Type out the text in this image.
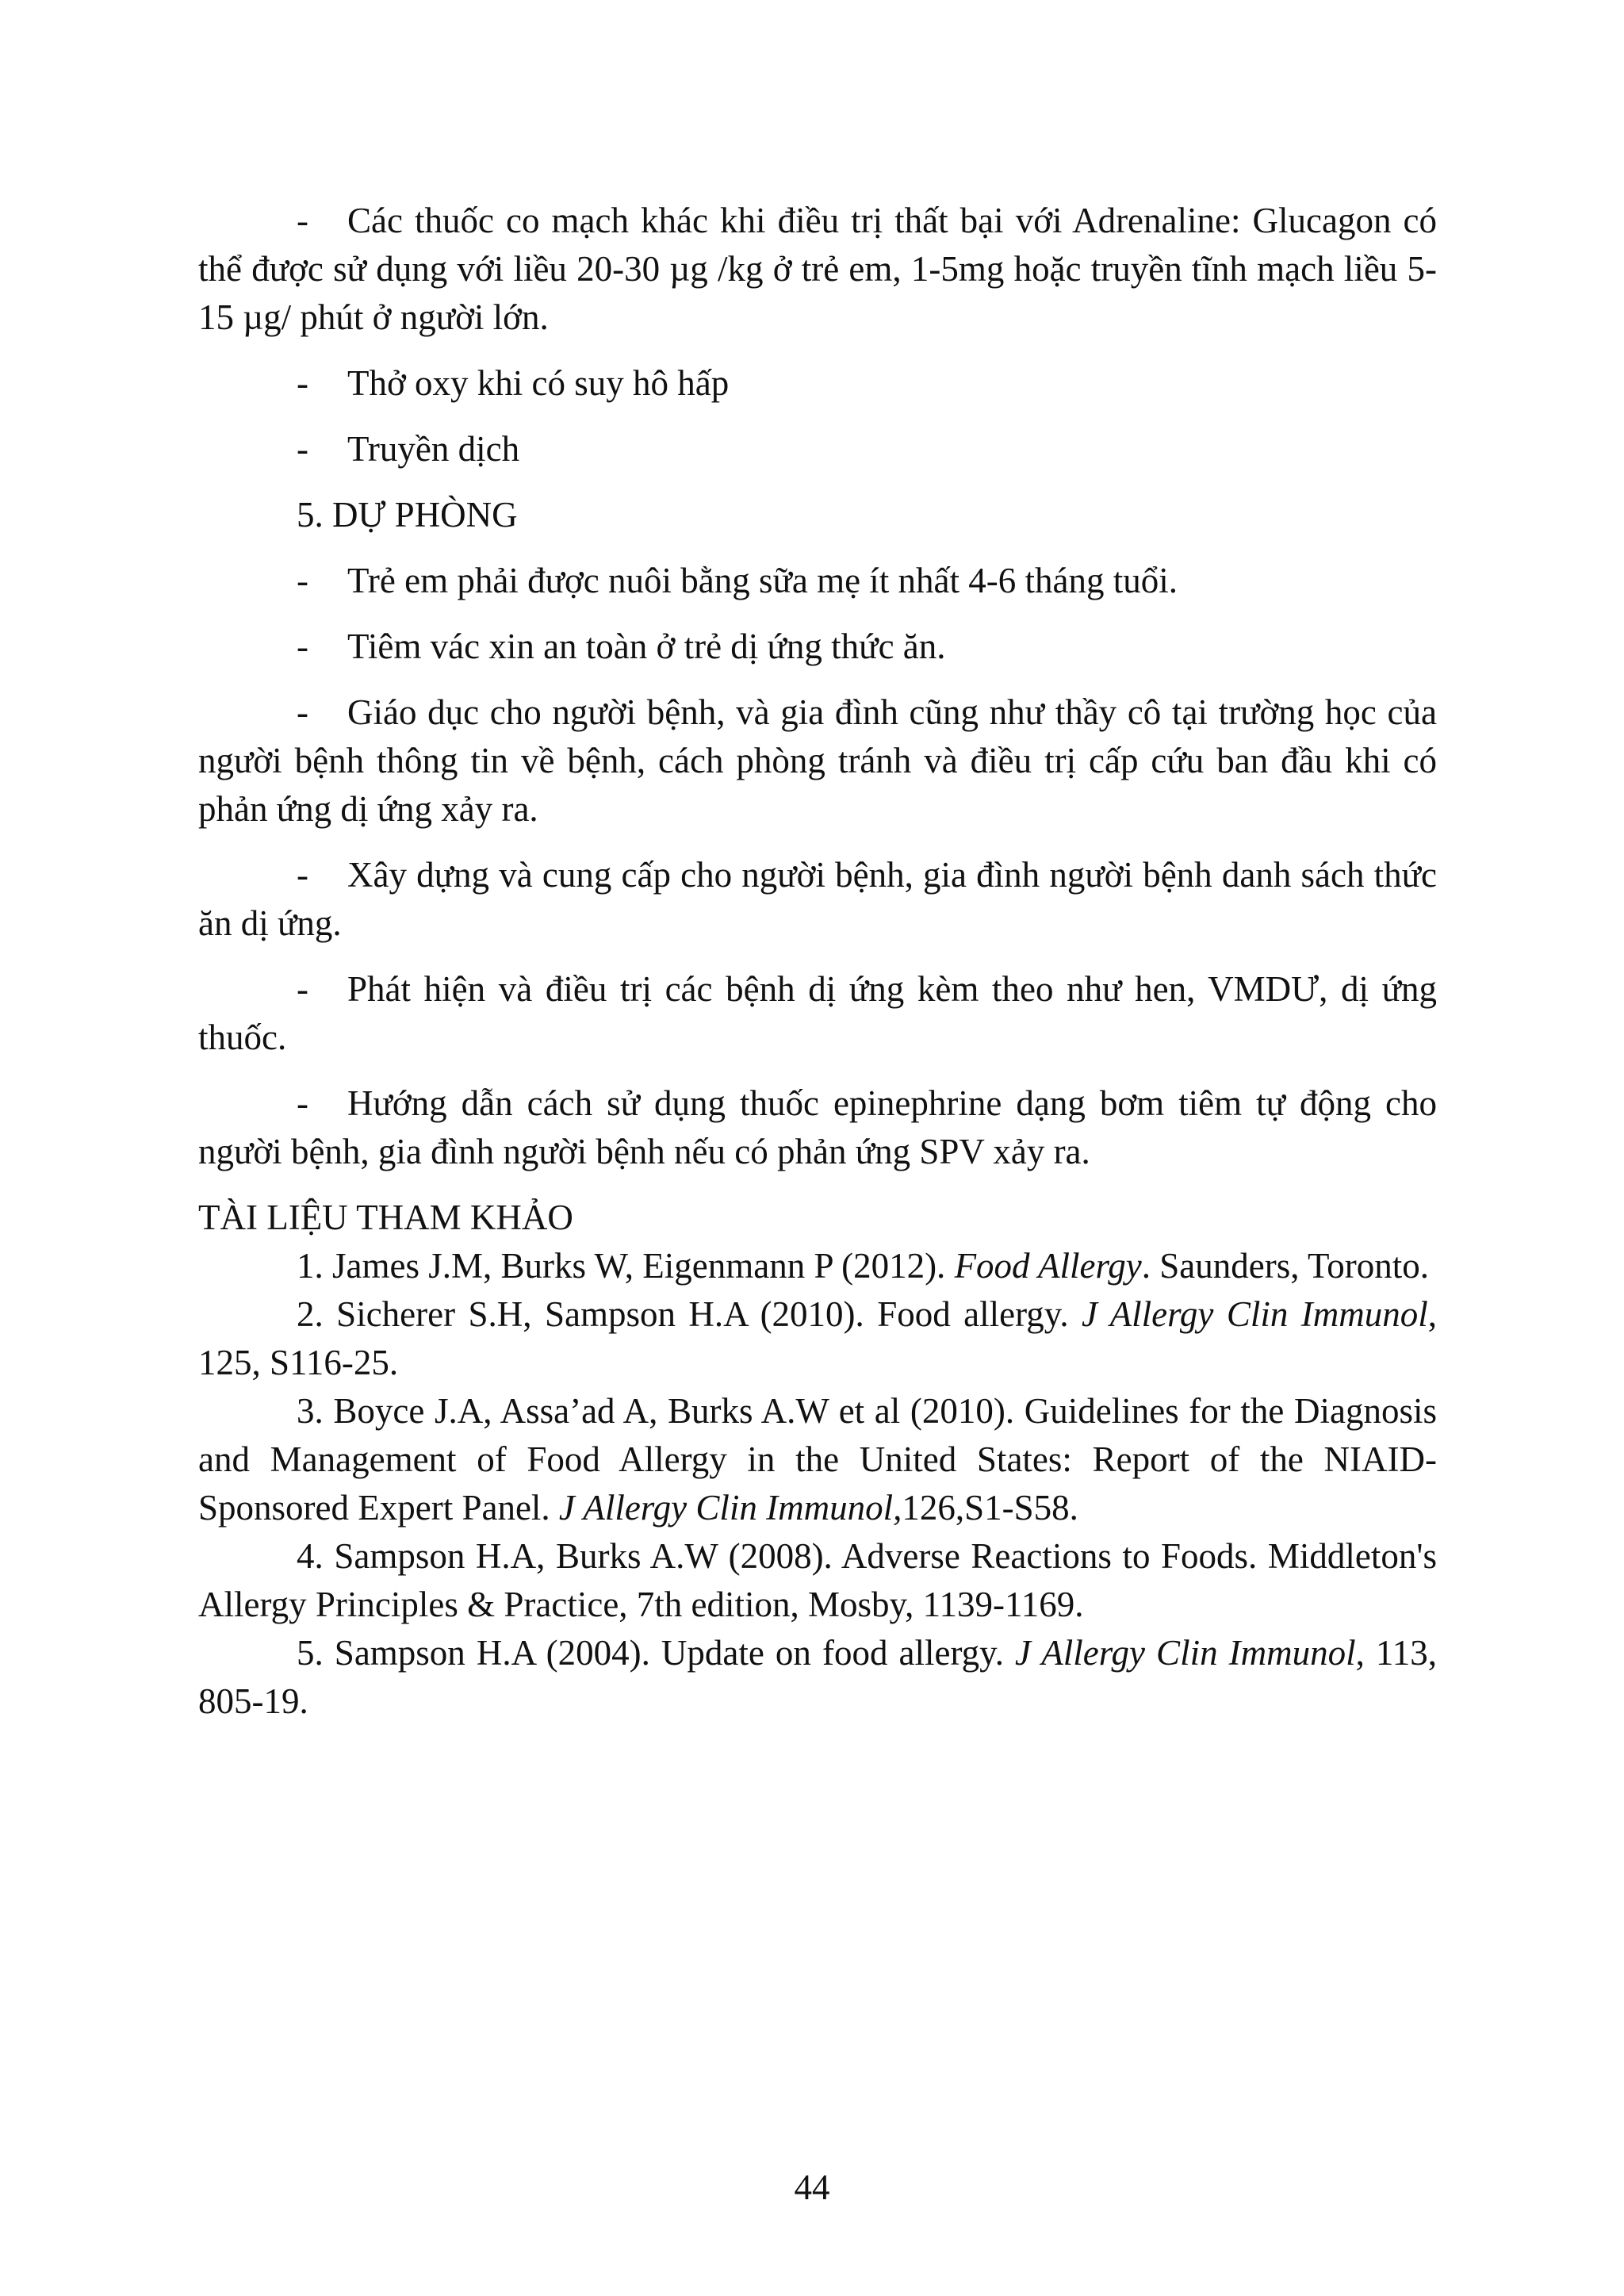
- Các thuốc co mạch khác khi điều trị thất bại với Adrenaline: Glucagon có thể được sử dụng với liều 20-30 µg /kg ở trẻ em, 1-5mg hoặc truyền tĩnh mạch liều 5-15 µg/ phút ở người lớn.

- Thở oxy khi có suy hô hấp

- Truyền dịch

5. DỰ PHÒNG

- Trẻ em phải được nuôi bằng sữa mẹ ít nhất 4-6 tháng tuổi.

- Tiêm vác xin an toàn ở trẻ dị ứng thức ăn.

- Giáo dục cho người bệnh, và gia đình cũng như thầy cô tại trường học của người bệnh thông tin về bệnh, cách phòng tránh và điều trị cấp cứu ban đầu khi có phản ứng dị ứng xảy ra.

- Xây dựng và cung cấp cho người bệnh, gia đình người bệnh danh sách thức ăn dị ứng.

- Phát hiện và điều trị các bệnh dị ứng kèm theo như hen, VMDƯ, dị ứng thuốc.

- Hướng dẫn cách sử dụng thuốc epinephrine dạng bơm tiêm tự động cho người bệnh, gia đình người bệnh nếu có phản ứng SPV xảy ra.

TÀI LIỆU THAM KHẢO

1. James J.M, Burks W, Eigenmann P (2012). Food Allergy. Saunders, Toronto.

2. Sicherer S.H, Sampson H.A (2010). Food allergy. J Allergy Clin Immunol, 125, S116-25.

3. Boyce J.A, Assa’ad A, Burks A.W et al (2010). Guidelines for the Diagnosis and Management of Food Allergy in the United States: Report of the NIAID-Sponsored Expert Panel. J Allergy Clin Immunol,126,S1-S58.

4. Sampson H.A, Burks A.W (2008). Adverse Reactions to Foods. Middleton's Allergy Principles & Practice, 7th edition, Mosby, 1139-1169.

5. Sampson H.A (2004). Update on food allergy. J Allergy Clin Immunol, 113, 805-19.

44
